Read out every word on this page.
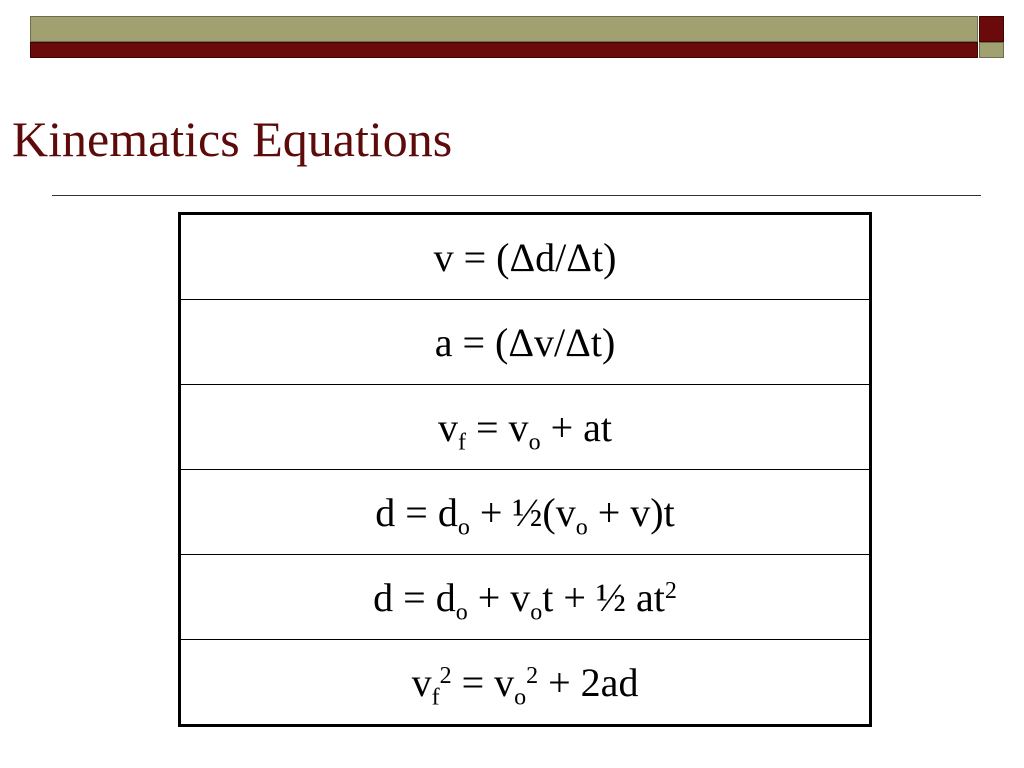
Kinematics Equations
v = (Δd/Δt)
a = (Δv/Δt)
$v_f = v_o$ + at
$d = d_o$ + $\frac{1}{2}(v_o + v)t$
$d = d_o + v_ot$ + ½ $at^2$
$v_f^2 = v_o^2 + 2ad$
